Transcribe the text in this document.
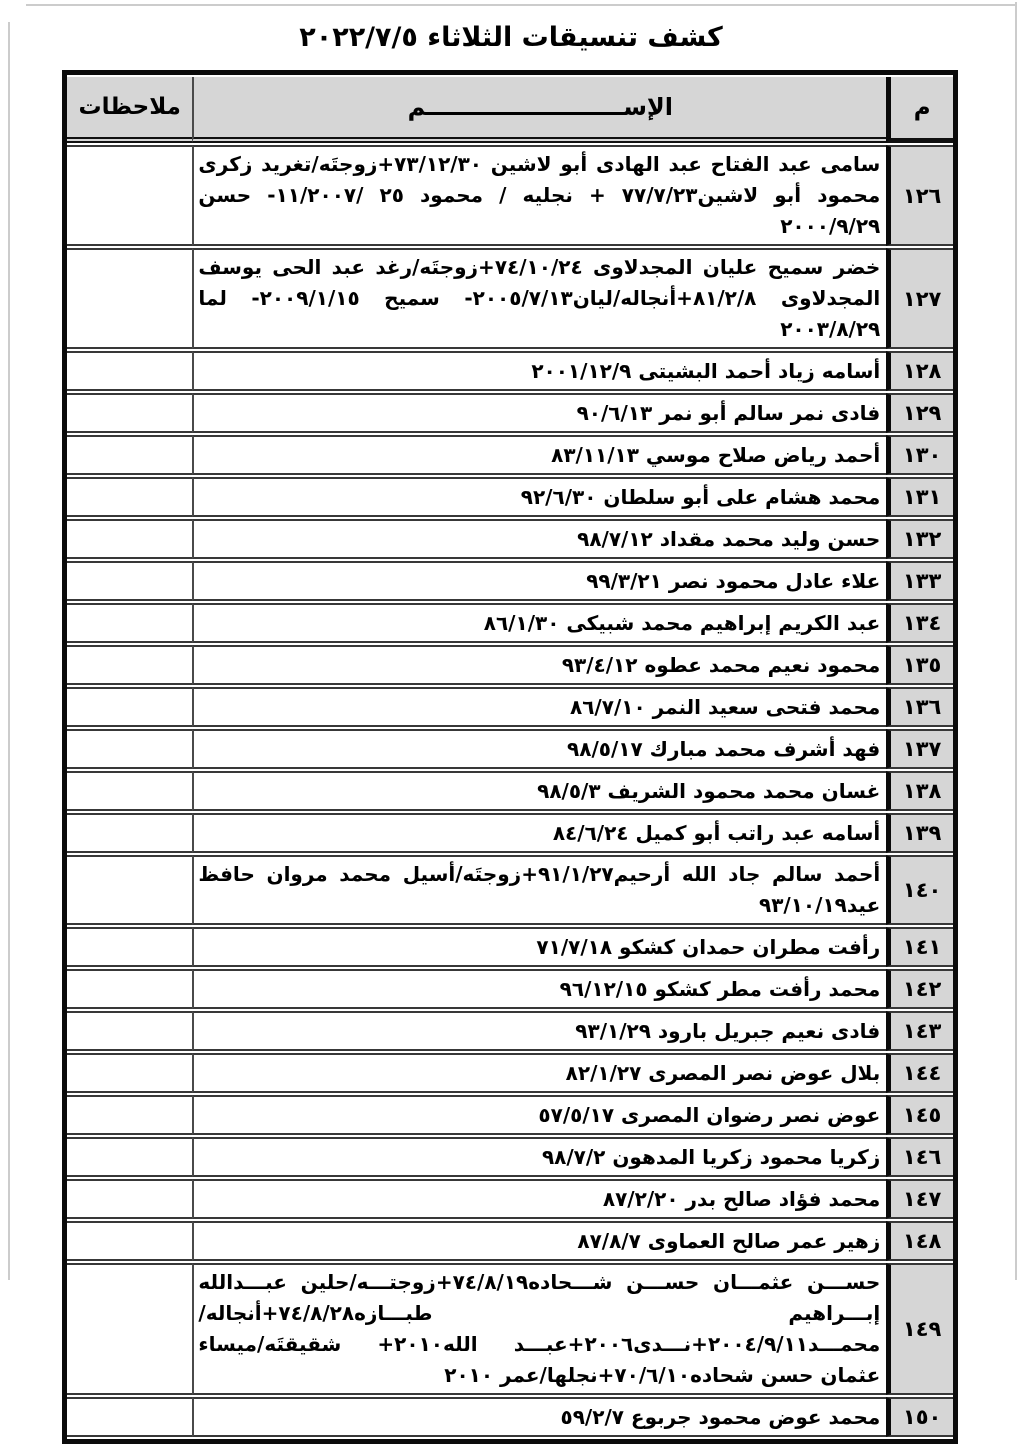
كشف تنسيقات الثلاثاء ٢٠٢٢/٧/٥
م	الإســــــــــــــــــــــــم	ملاحظات
١٢٦	سامى عبد الفتاح عبد الهادى أبو لاشين ٧٣/١٢/٣٠+زوجتَه/تغريد زكرى محمود أبو لاشين٧٧/٧/٢٣ + نجليه / محمود ٢٥ /١١/٢٠٠٧- حسن ٢٠٠٠/٩/٢٩	
١٢٧	خضر سميح عليان المجدلاوى ٧٤/١٠/٢٤+زوجتَه/رغد عبد الحى يوسف المجدلاوى ٨١/٢/٨+أنجاله/ليان٢٠٠٥/٧/١٣- سميح ٢٠٠٩/١/١٥- لما ٢٠٠٣/٨/٢٩	
١٢٨	أسامه زياد أحمد البشيتى ٢٠٠١/١٢/٩	
١٢٩	فادى نمر سالم أبو نمر ٩٠/٦/١٣	
١٣٠	أحمد رياض صلاح موسي ٨٣/١١/١٣	
١٣١	محمد هشام على أبو سلطان ٩٢/٦/٣٠	
١٣٢	حسن وليد محمد مقداد ٩٨/٧/١٢	
١٣٣	علاء عادل محمود نصر ٩٩/٣/٢١	
١٣٤	عبد الكريم إبراهيم محمد شبيكى ٨٦/١/٣٠	
١٣٥	محمود نعيم محمد عطوه ٩٣/٤/١٢	
١٣٦	محمد فتحى سعيد النمر ٨٦/٧/١٠	
١٣٧	فهد أشرف محمد مبارك ٩٨/٥/١٧	
١٣٨	غسان محمد محمود الشريف ٩٨/٥/٣	
١٣٩	أسامه عبد راتب أبو كميل ٨٤/٦/٢٤	
١٤٠	أحمد سالم جاد الله أرحيم٩١/١/٢٧+زوجتَه/أسيل محمد مروان حافظ عيد٩٣/١٠/١٩	
١٤١	رأفت مطران حمدان كشكو ٧١/٧/١٨	
١٤٢	محمد رأفت مطر كشكو ٩٦/١٢/١٥	
١٤٣	فادى نعيم جبريل بارود ٩٣/١/٢٩	
١٤٤	بلال عوض نصر المصرى ٨٢/١/٢٧	
١٤٥	عوض نصر رضوان المصرى ٥٧/٥/١٧	
١٤٦	زكريا محمود زكريا المدهون ٩٨/٧/٢	
١٤٧	محمد فؤاد صالح بدر ٨٧/٢/٢٠	
١٤٨	زهير عمر صالح العماوى ٨٧/٨/٧	
١٤٩	حســـن عثمـــان حســـن شـــحاده٧٤/٨/١٩+زوجتـــه/حلين عبـــدالله إبـــراهيم طبـــازه٧٤/٨/٢٨+أنجاله/محمـــد٢٠٠٤/٩/١١+نـــدى٢٠٠٦+عبـــد الله٢٠١٠+ شقيقتَه/ميساء عثمان حسن شحاده٧٠/٦/١٠+نجلها/عمر ٢٠١٠	
١٥٠	محمد عوض محمود جربوع ٥٩/٢/٧	
